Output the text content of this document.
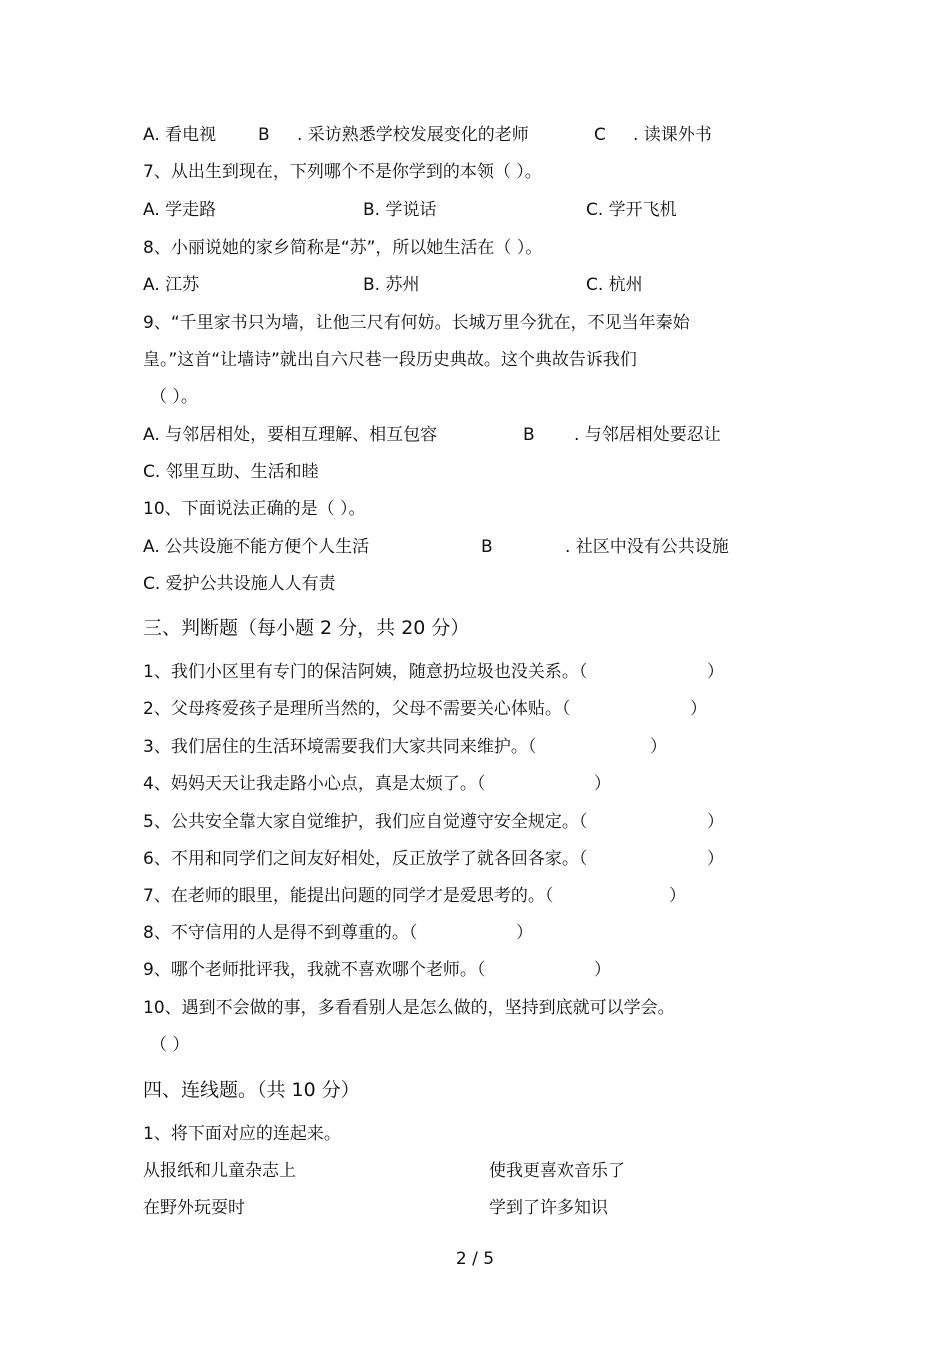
A. 看电视 B . 采访熟悉学校发展变化的老师	C . 读课外书
7、从出生到现在，下列哪个不是你学到的本领（ ）。
A. 学走路	B. 学说话	C. 学开飞机
8、小丽说她的家乡简称是“苏”，所以她生活在（ ）。
A. 江苏	B. 苏州	C. 杭州
9、“千里家书只为墙，让他三尺有何妨。长城万里今犹在，不见当年秦始
皇。”这首“让墙诗”就出自六尺巷一段历史典故。这个典故告诉我们
（ ）。
A. 与邻居相处，要相互理解、相互包容	B . 与邻居相处要忍让
C. 邻里互助、生活和睦
10、下面说法正确的是（ ）。
A. 公共设施不能方便个人生活	B	. 社区中没有公共设施
C. 爱护公共设施人人有责
三、判断题（每小题 2 分，共 20 分）
1、我们小区里有专门的保洁阿姨，随意扔垃圾也没关系。（	）
2、父母疼爱孩子是理所当然的，父母不需要关心体贴。（	）
3、我们居住的生活环境需要我们大家共同来维护。（	）
4、妈妈天天让我走路小心点，真是太烦了。（	）
5、公共安全靠大家自觉维护，我们应自觉遵守安全规定。（	）
6、不用和同学们之间友好相处，反正放学了就各回各家。（	）
7、在老师的眼里，能提出问题的同学才是爱思考的。（	）
8、不守信用的人是得不到尊重的。（	）
9、哪个老师批评我，我就不喜欢哪个老师。（	）
10、遇到不会做的事，多看看别人是怎么做的，坚持到底就可以学会。
（ ）
四、连线题。（共 10 分）
1、将下面对应的连起来。
从报纸和儿童杂志上	使我更喜欢音乐了
在野外玩耍时	学到了许多知识
2 / 5
